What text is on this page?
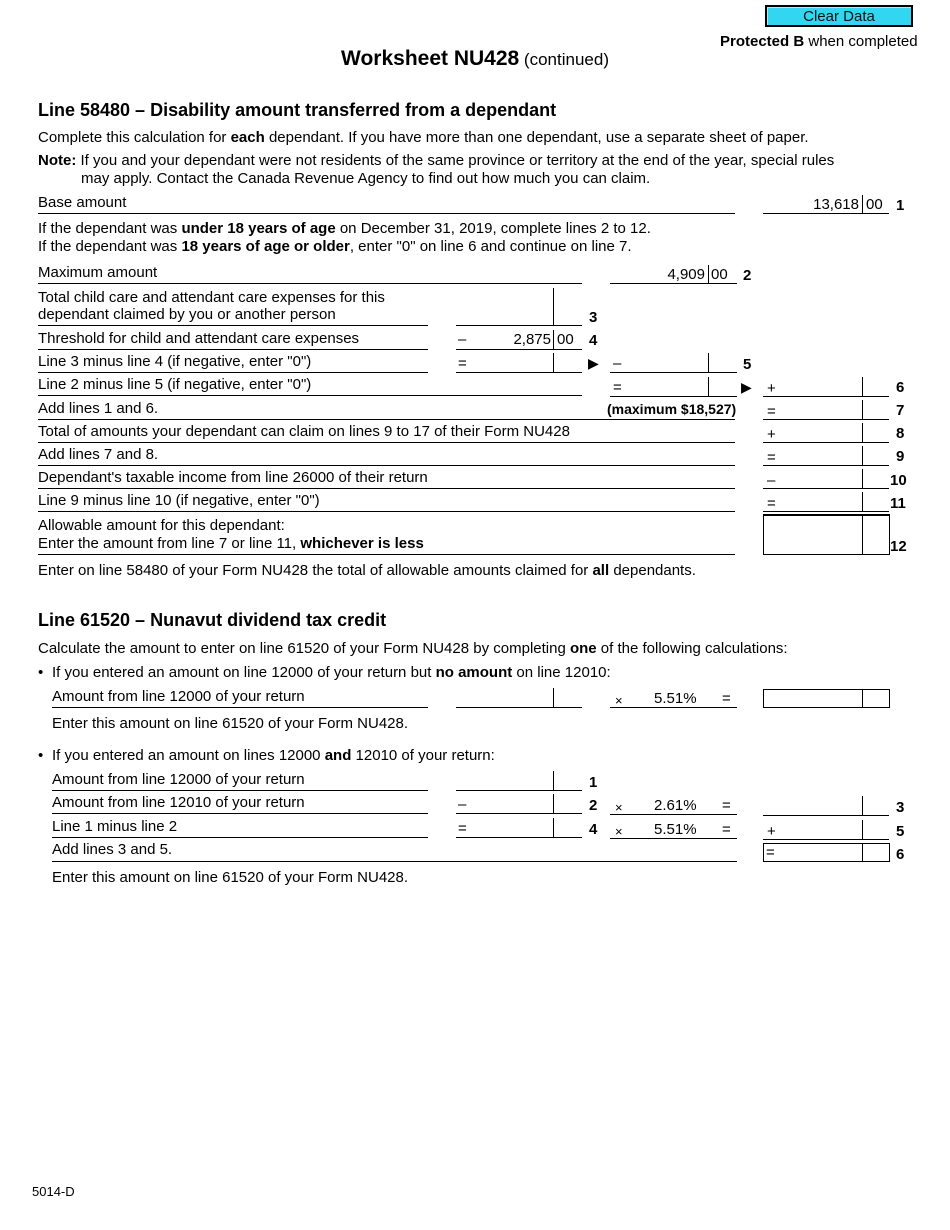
Clear Data
Protected B when completed
Worksheet NU428 (continued)
Line 58480 – Disability amount transferred from a dependant
Complete this calculation for each dependant. If you have more than one dependant, use a separate sheet of paper.
Note: If you and your dependant were not residents of the same province or territory at the end of the year, special rules
may apply. Contact the Canada Revenue Agency to find out how much you can claim.
Base amount	13,618 00 1
If the dependant was under 18 years of age on December 31, 2019, complete lines 2 to 12.
If the dependant was 18 years of age or older, enter "0" on line 6 and continue on line 7.
Maximum amount	4,909 00 2
Total child care and attendant care expenses for this
dependant claimed by you or another person	3
Threshold for child and attendant care expenses	–	2,875 00 4
Line 3 minus line 4 (if negative, enter "0")	=	▶ –	5
Line 2 minus line 5 (if negative, enter "0")	=	▶ +	6
Add lines 1 and 6.	(maximum $18,527) =	7
Total of amounts your dependant can claim on lines 9 to 17 of their Form NU428	+	8
Add lines 7 and 8.	=	9
Dependant's taxable income from line 26000 of their return	–	10
Line 9 minus line 10 (if negative, enter "0")	=	11
Allowable amount for this dependant:
Enter the amount from line 7 or line 11, whichever is less	12
Enter on line 58480 of your Form NU428 the total of allowable amounts claimed for all dependants.
Line 61520 – Nunavut dividend tax credit
Calculate the amount to enter on line 61520 of your Form NU428 by completing one of the following calculations:
• If you entered an amount on line 12000 of your return but no amount on line 12010:
Amount from line 12000 of your return	× 5.51% =
Enter this amount on line 61520 of your Form NU428.
• If you entered an amount on lines 12000 and 12010 of your return:
Amount from line 12000 of your return	1
Amount from line 12010 of your return	–	2 × 2.61% =	3
Line 1 minus line 2	=	4 × 5.51% = +	5
Add lines 3 and 5.	=	6
Enter this amount on line 61520 of your Form NU428.
5014-D
